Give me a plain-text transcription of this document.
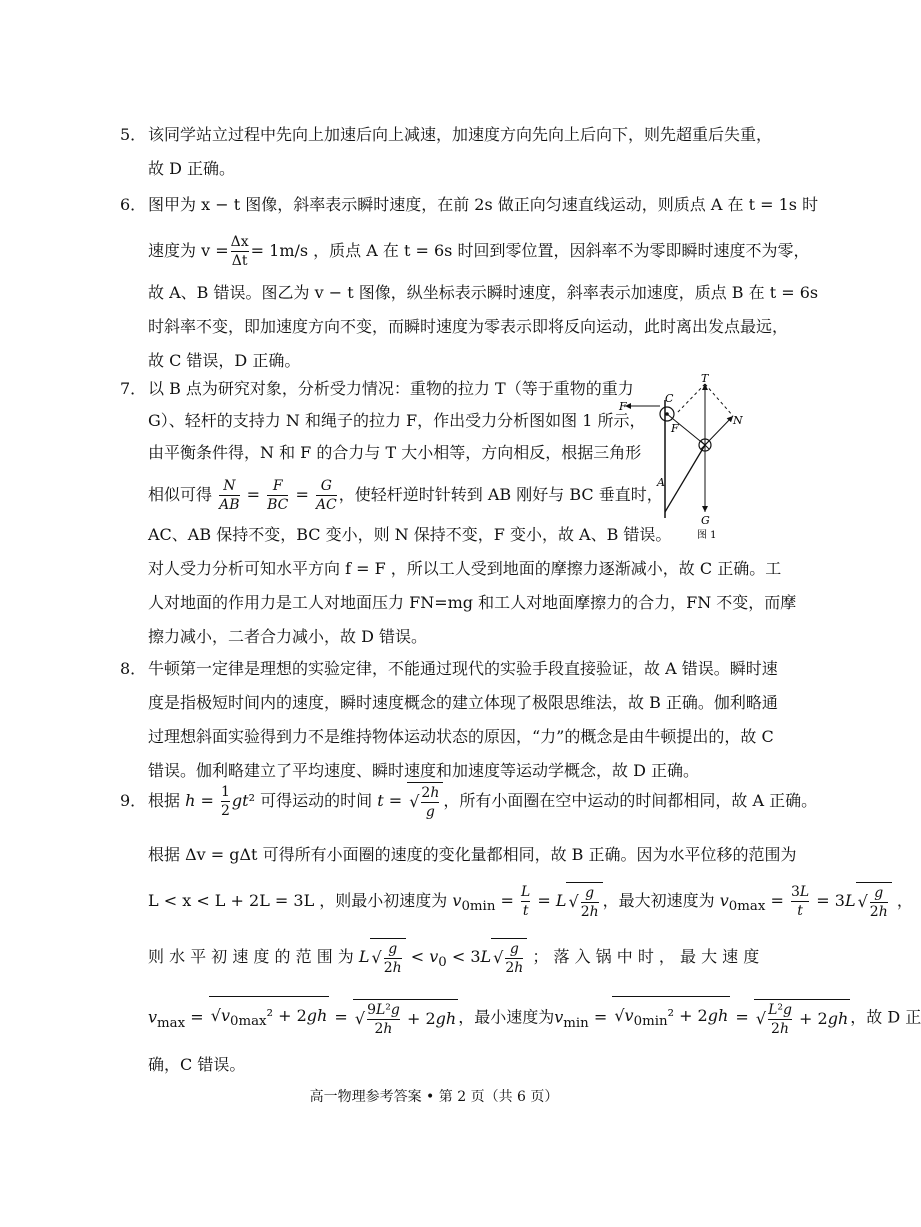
5． 该同学站立过程中先向上加速后向上减速，加速度方向先向上后向下，则先超重后失重，
故 D 正确。
6． 图甲为 x − t 图像，斜率表示瞬时速度，在前 2s 做正向匀速直线运动，则质点 A 在 t = 1s 时
速度为 $v = \frac{\Delta x}{\Delta t} = 1m/s$ ，质点 A 在 t = 6s 时回到零位置，因斜率不为零即瞬时速度不为零，
故 A、B 错误。图乙为 v − t 图像，纵坐标表示瞬时速度，斜率表示加速度，质点 B 在 t = 6s
时斜率不变，即加速度方向不变，而瞬时速度为零表示即将反向运动，此时离出发点最远，
故 C 错误，D 正确。
7． 以 B 点为研究对象，分析受力情况：重物的拉力 T（等于重物的重力
G）、轻杆的支持力 N 和绳子的拉力 F，作出受力分析图如图 1 所示，
由平衡条件得，N 和 F 的合力与 T 大小相等，方向相反，根据三角形
相似可得 $\frac{N}{AB} = \frac{F}{BC} = \frac{G}{AC}$ ，使轻杆逆时针转到 AB 刚好与 BC 垂直时，
AC、AB 保持不变，BC 变小，则 N 保持不变，F 变小，故 A、B 错误。
对人受力分析可知水平方向 f = F ，所以工人受到地面的摩擦力逐渐减小，故 C 正确。工
人对地面的作用力是工人对地面压力 FN=mg 和工人对地面摩擦力的合力，FN 不变，而摩
擦力减小，二者合力减小，故 D 错误。
T
C
F
N
F
A
G
图 1
8． 牛顿第一定律是理想的实验定律，不能通过现代的实验手段直接验证，故 A 错误。瞬时速
度是指极短时间内的速度，瞬时速度概念的建立体现了极限思维法，故 B 正确。伽利略通
过理想斜面实验得到力不是维持物体运动状态的原因，“力”的概念是由牛顿提出的，故 C
错误。伽利略建立了平均速度、瞬时速度和加速度等运动学概念，故 D 正确。
9． 根据 $h = \frac{1}{2} gt^2$ 可得运动的时间 t = √ $\frac{2h}{g}$ ，所有小面圈在空中运动的时间都相同，故 A 正确。
根据 Δv = gΔt 可得所有小面圈的速度的变化量都相同，故 B 正确。因为水平位移的范围为
L < x < L + 2L = 3L ，则最小初速度为 $v_{0min} = \frac{L}{t} = L$ √ $\frac{g}{2h}$ ，最大初速度为 $v_{0max} = \frac{3L}{t} = 3L$ √ $\frac{g}{2h}$ ，
则 水 平 初 速 度 的 范 围 为 L √ $\frac{g}{2h} < v_0 < 3L$ √ $\frac{g}{2h}$ ； 落 入 锅 中 时 ， 最 大 速 度
$v_{max} = √v_{0max}^2 + 2gh$ = √ $\frac{\text{9L²g}}{2h} + 2gh$ ，最小速度为$v_{min} = √v_{0min}^2 + 2gh$ = √ $\frac{\text{L²g}}{2h} + 2gh$ ，故 D 正
确，C 错误。
高一物理参考答案 • 第 2 页（共 6 页）
